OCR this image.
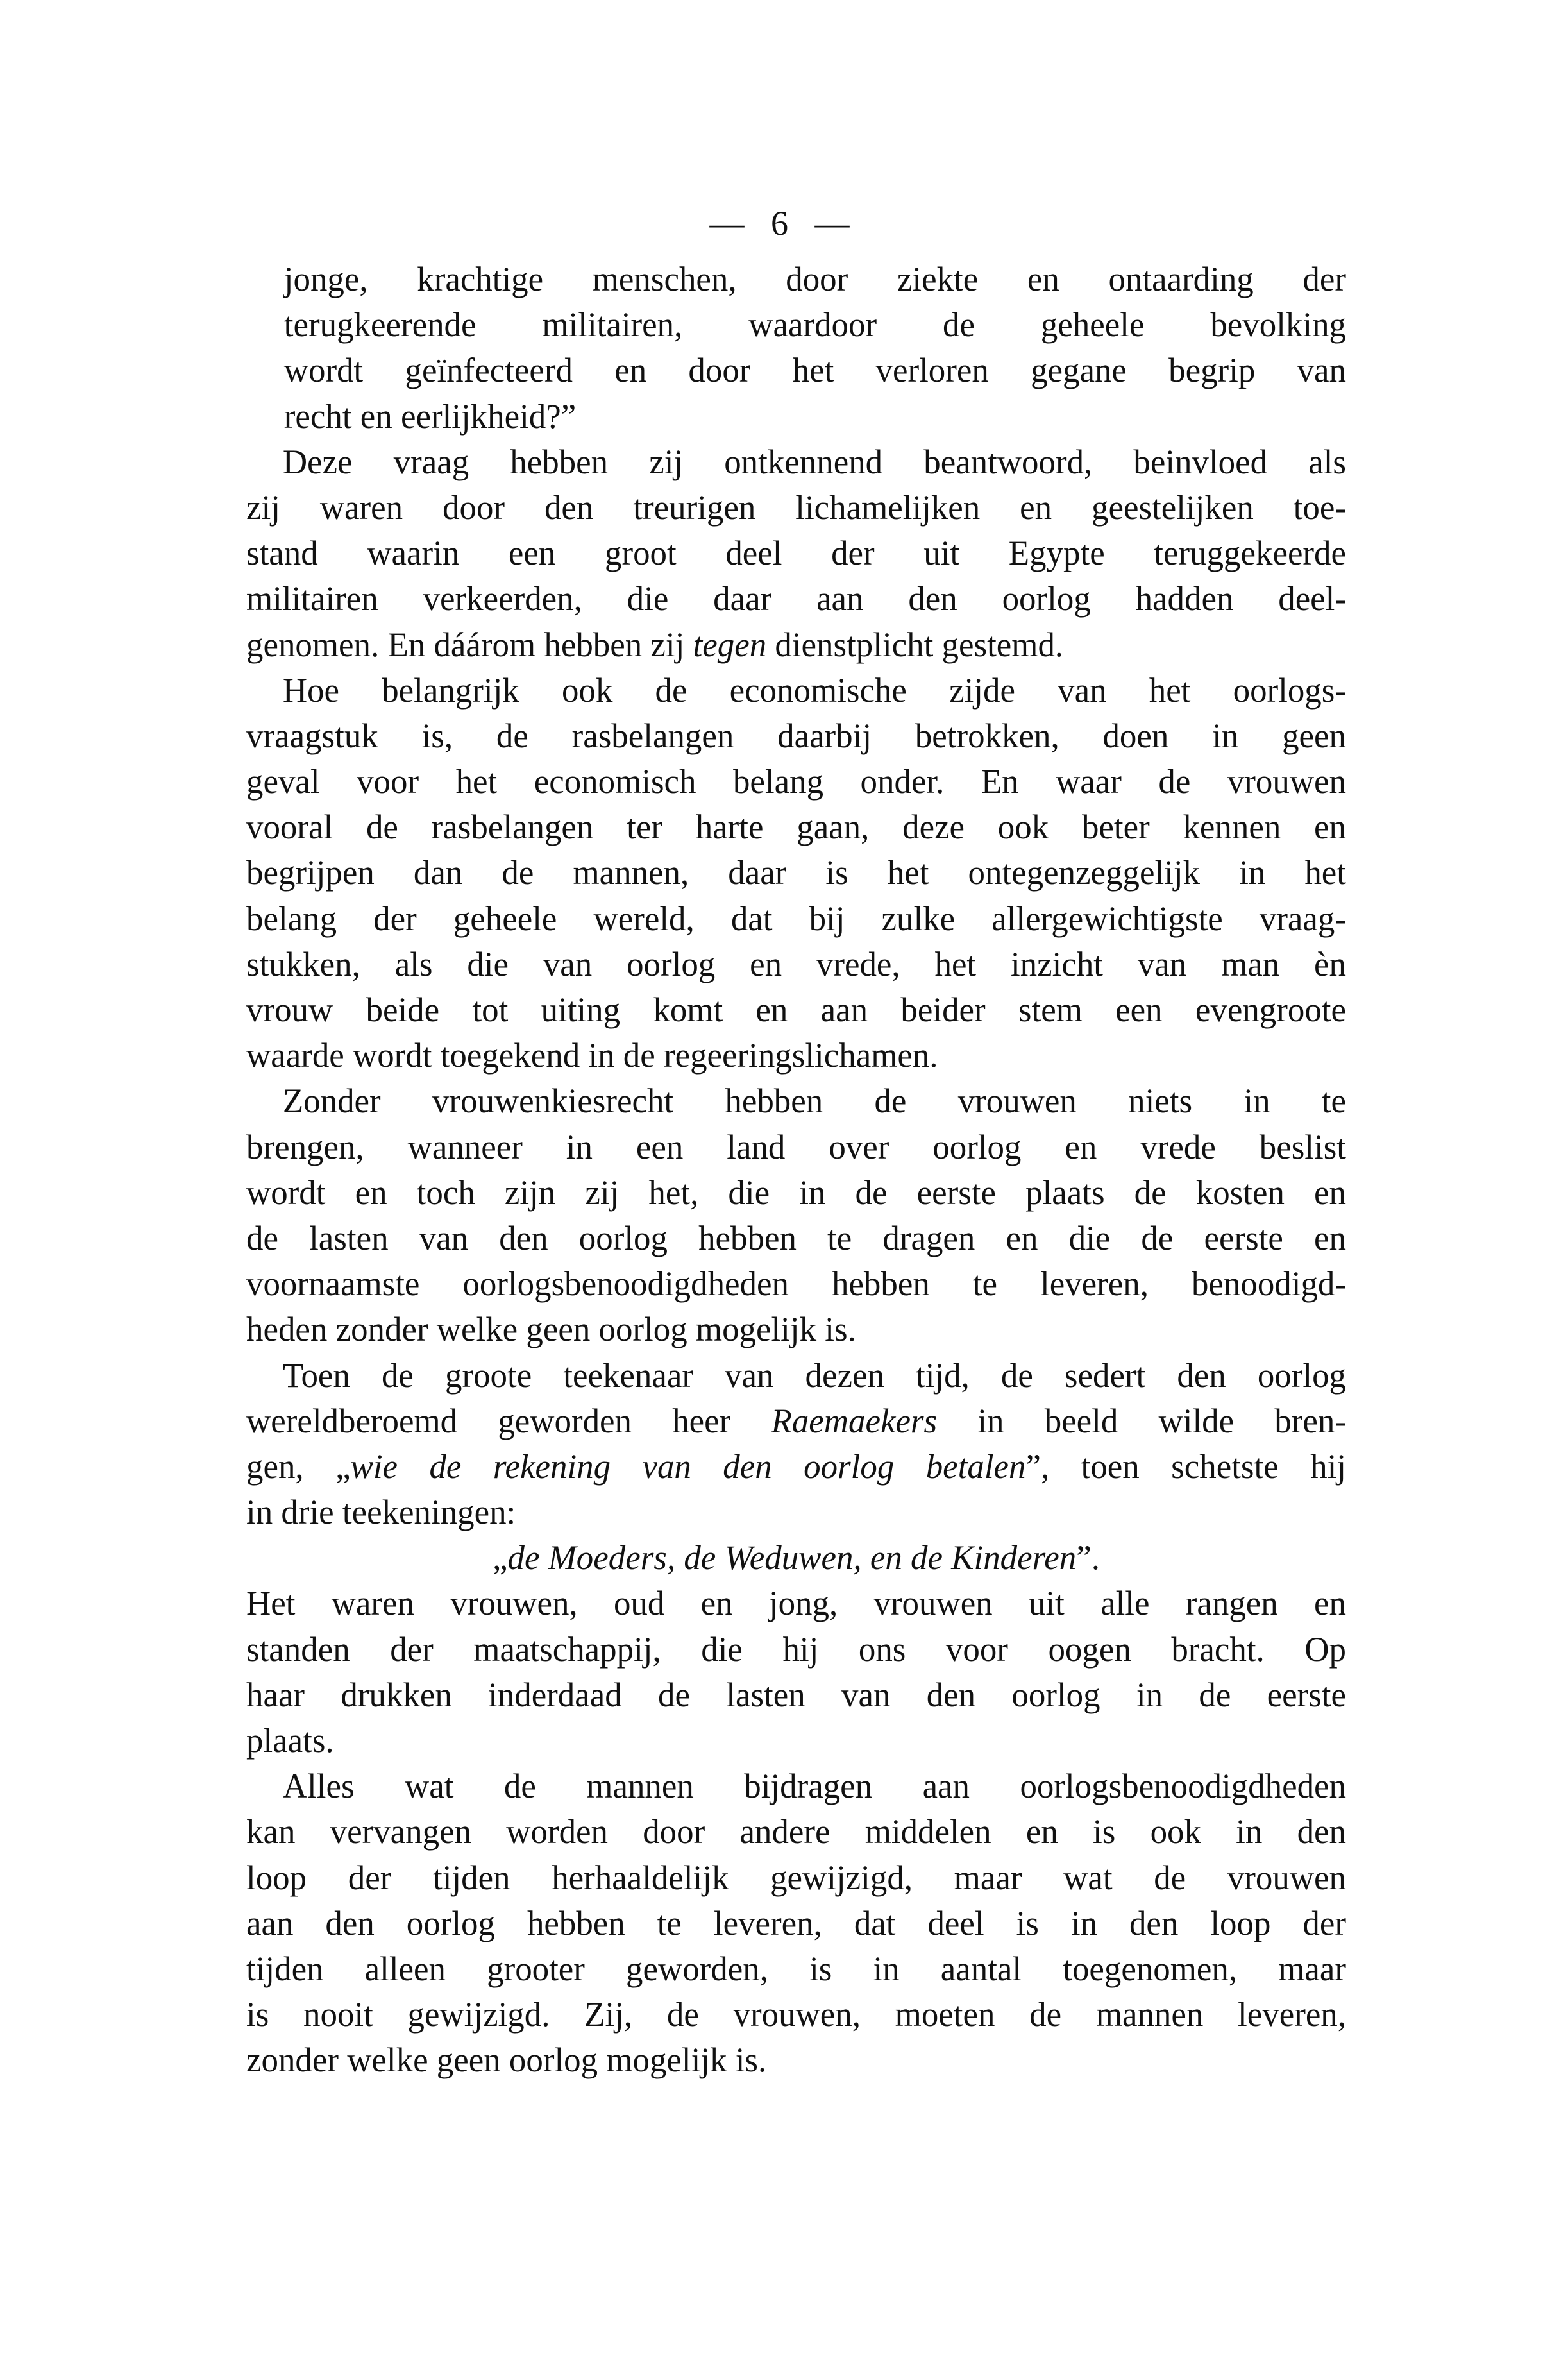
— 6 —
jonge, krachtige menschen, door ziekte en ontaarding der
terugkeerende militairen, waardoor de geheele bevolking
wordt geïnfecteerd en door het verloren gegane begrip van
recht en eerlijkheid?”
Deze vraag hebben zij ontkennend beantwoord, beinvloed als
zij waren door den treurigen lichamelijken en geestelijken toe-
stand waarin een groot deel der uit Egypte teruggekeerde
militairen verkeerden, die daar aan den oorlog hadden deel-
genomen. En dáárom hebben zij tegen dienstplicht gestemd.
Hoe belangrijk ook de economische zijde van het oorlogs-
vraagstuk is, de rasbelangen daarbij betrokken, doen in geen
geval voor het economisch belang onder. En waar de vrouwen
vooral de rasbelangen ter harte gaan, deze ook beter kennen en
begrijpen dan de mannen, daar is het ontegenzeggelijk in het
belang der geheele wereld, dat bij zulke allergewichtigste vraag-
stukken, als die van oorlog en vrede, het inzicht van man èn
vrouw beide tot uiting komt en aan beider stem een evengroote
waarde wordt toegekend in de regeeringslichamen.
Zonder vrouwenkiesrecht hebben de vrouwen niets in te
brengen, wanneer in een land over oorlog en vrede beslist
wordt en toch zijn zij het, die in de eerste plaats de kosten en
de lasten van den oorlog hebben te dragen en die de eerste en
voornaamste oorlogsbenoodigdheden hebben te leveren, benoodigd-
heden zonder welke geen oorlog mogelijk is.
Toen de groote teekenaar van dezen tijd, de sedert den oorlog
wereldberoemd geworden heer Raemaekers in beeld wilde bren-
gen, „wie de rekening van den oorlog betalen”, toen schetste hij
in drie teekeningen:
„de Moeders, de Weduwen, en de Kinderen”.
Het waren vrouwen, oud en jong, vrouwen uit alle rangen en
standen der maatschappij, die hij ons voor oogen bracht. Op
haar drukken inderdaad de lasten van den oorlog in de eerste
plaats.
Alles wat de mannen bijdragen aan oorlogsbenoodigdheden
kan vervangen worden door andere middelen en is ook in den
loop der tijden herhaaldelijk gewijzigd, maar wat de vrouwen
aan den oorlog hebben te leveren, dat deel is in den loop der
tijden alleen grooter geworden, is in aantal toegenomen, maar
is nooit gewijzigd. Zij, de vrouwen, moeten de mannen leveren,
zonder welke geen oorlog mogelijk is.
